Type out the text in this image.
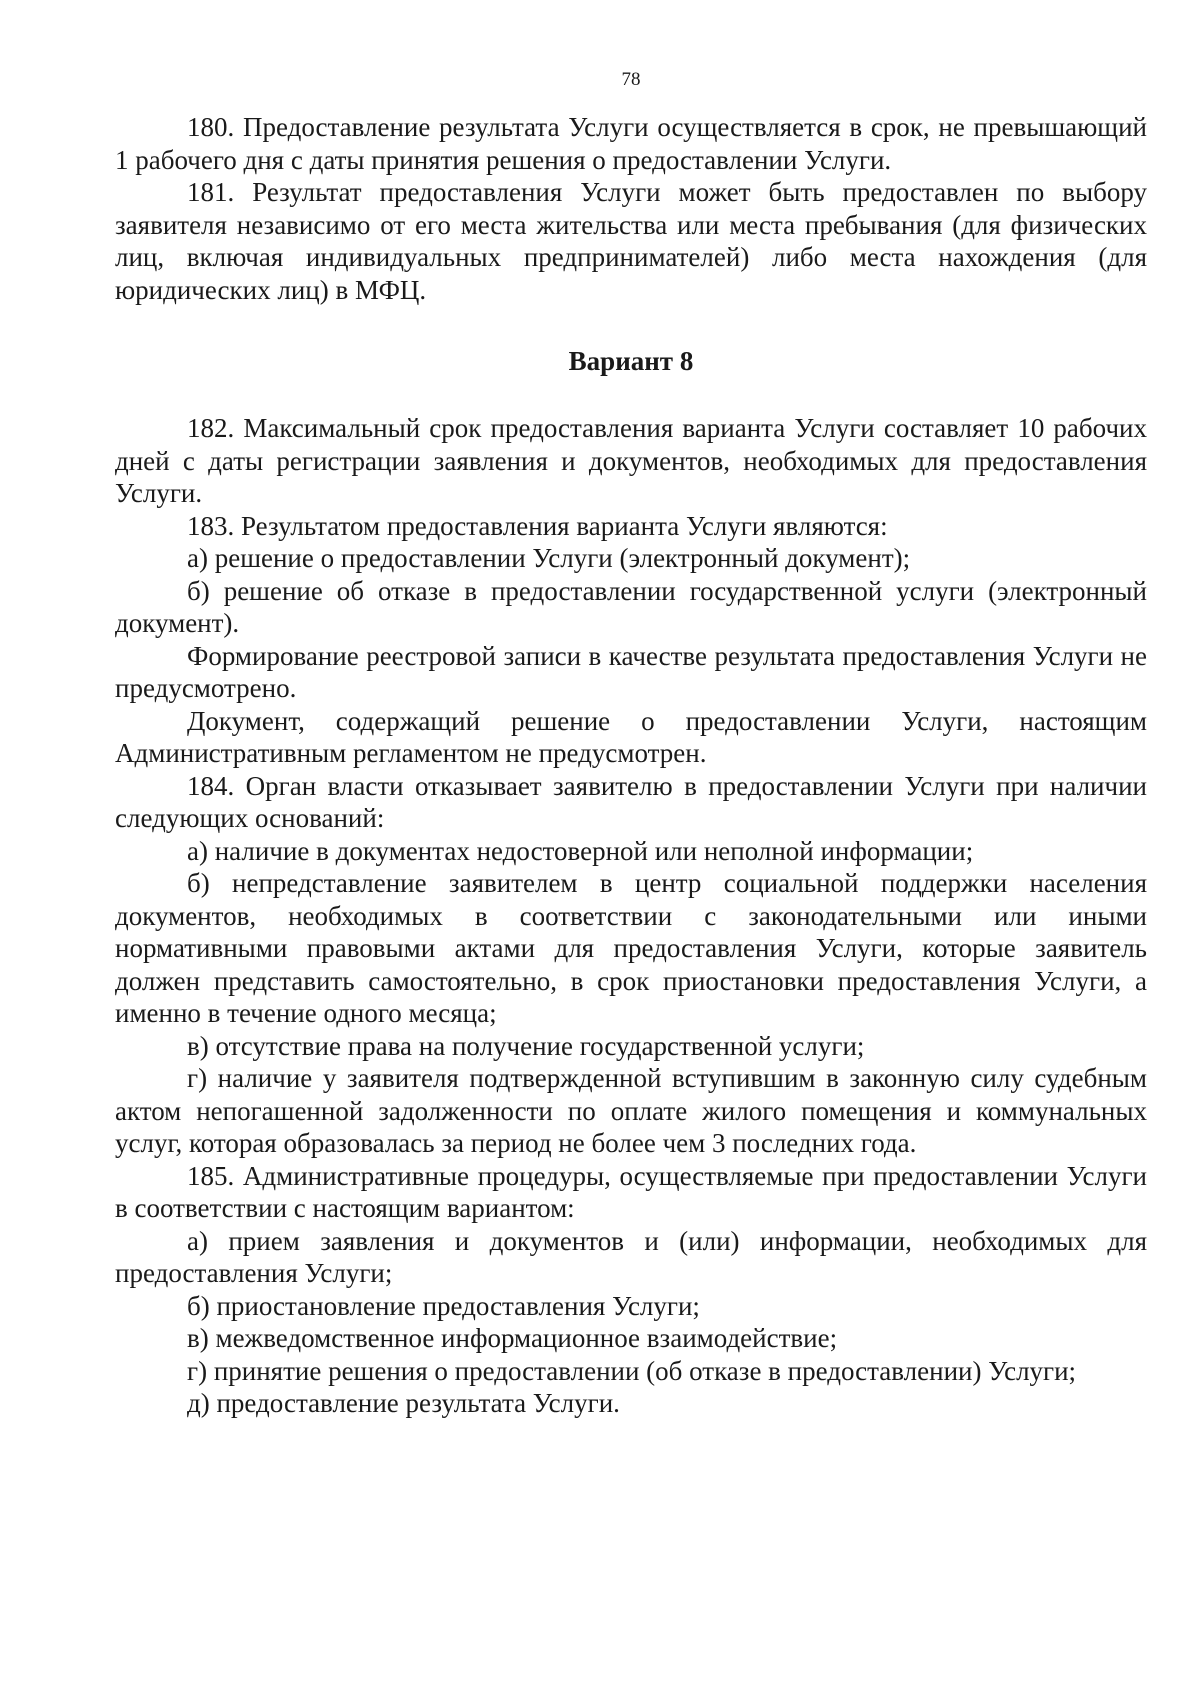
78

180. Предоставление результата Услуги осуществляется в срок, не превышающий 1 рабочего дня с даты принятия решения о предоставлении Услуги.

181. Результат предоставления Услуги может быть предоставлен по выбору заявителя независимо от его места жительства или места пребывания (для физических лиц, включая индивидуальных предпринимателей) либо места нахождения (для юридических лиц) в МФЦ.

Вариант 8

182. Максимальный срок предоставления варианта Услуги составляет 10 рабочих дней с даты регистрации заявления и документов, необходимых для предоставления Услуги.

183. Результатом предоставления варианта Услуги являются:

а) решение о предоставлении Услуги (электронный документ);

б) решение об отказе в предоставлении государственной услуги (электронный документ).

Формирование реестровой записи в качестве результата предоставления Услуги не предусмотрено.

Документ, содержащий решение о предоставлении Услуги, настоящим Административным регламентом не предусмотрен.

184. Орган власти отказывает заявителю в предоставлении Услуги при наличии следующих оснований:

а) наличие в документах недостоверной или неполной информации;

б) непредставление заявителем в центр социальной поддержки населения документов, необходимых в соответствии с законодательными или иными нормативными правовыми актами для предоставления Услуги, которые заявитель должен представить самостоятельно, в срок приостановки предоставления Услуги, а именно в течение одного месяца;

в) отсутствие права на получение государственной услуги;

г) наличие у заявителя подтвержденной вступившим в законную силу судебным актом непогашенной задолженности по оплате жилого помещения и коммунальных услуг, которая образовалась за период не более чем 3 последних года.

185. Административные процедуры, осуществляемые при предоставлении Услуги в соответствии с настоящим вариантом:

а) прием заявления и документов и (или) информации, необходимых для предоставления Услуги;

б) приостановление предоставления Услуги;

в) межведомственное информационное взаимодействие;

г) принятие решения о предоставлении (об отказе в предоставлении) Услуги;

д) предоставление результата Услуги.
